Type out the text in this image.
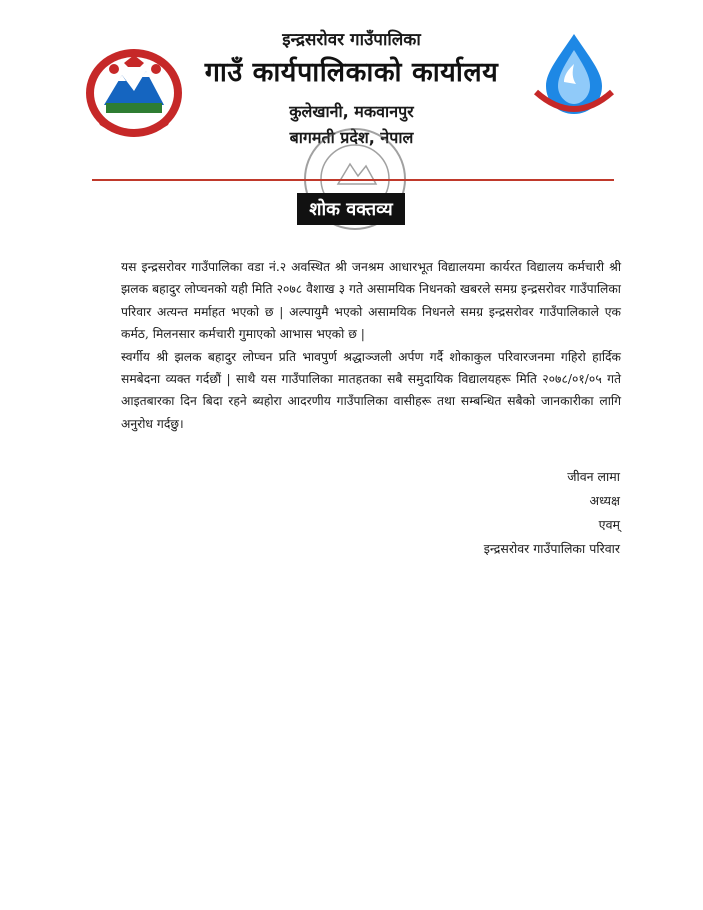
इन्द्रसरोवर गाउँपालिका
गाउँ कार्यपालिकाको कार्यालय
कुलेखानी, मकवानपुर
बागमती प्रदेश, नेपाल
शोक वक्तव्य

यस इन्द्रसरोवर गाउँपालिका वडा नं.२ अवस्थित श्री जनश्रम आधारभूत विद्यालयमा कार्यरत विद्यालय कर्मचारी श्री झलक बहादुर लोप्चनको यही मिति २०७८ वैशाख ३ गते असामयिक निधनको खबरले समग्र इन्द्रसरोवर गाउँपालिका परिवार अत्यन्त मर्माहत भएको छ | अल्पायुमै भएको असामयिक निधनले समग्र इन्द्रसरोवर गाउँपालिकाले एक कर्मठ, मिलनसार कर्मचारी गुमाएको आभास भएको छ |

स्वर्गीय श्री झलक बहादुर लोप्चन प्रति भावपुर्ण श्रद्धाञ्जली अर्पण गर्दै शोकाकुल परिवारजनमा गहिरो हार्दिक समबेदना व्यक्त गर्दछौं | साथै यस गाउँपालिका मातहतका सबै समुदायिक विद्यालयहरू मिति २०७८/०१/०५ गते आइतबारका दिन बिदा रहने ब्यहोरा आदरणीय गाउँपालिका वासीहरू तथा सम्बन्धित सबैको जानकारीका लागि अनुरोध गर्दछु।

जीवन लामा
अध्यक्ष
एवम्
इन्द्रसरोवर गाउँपालिका परिवार
